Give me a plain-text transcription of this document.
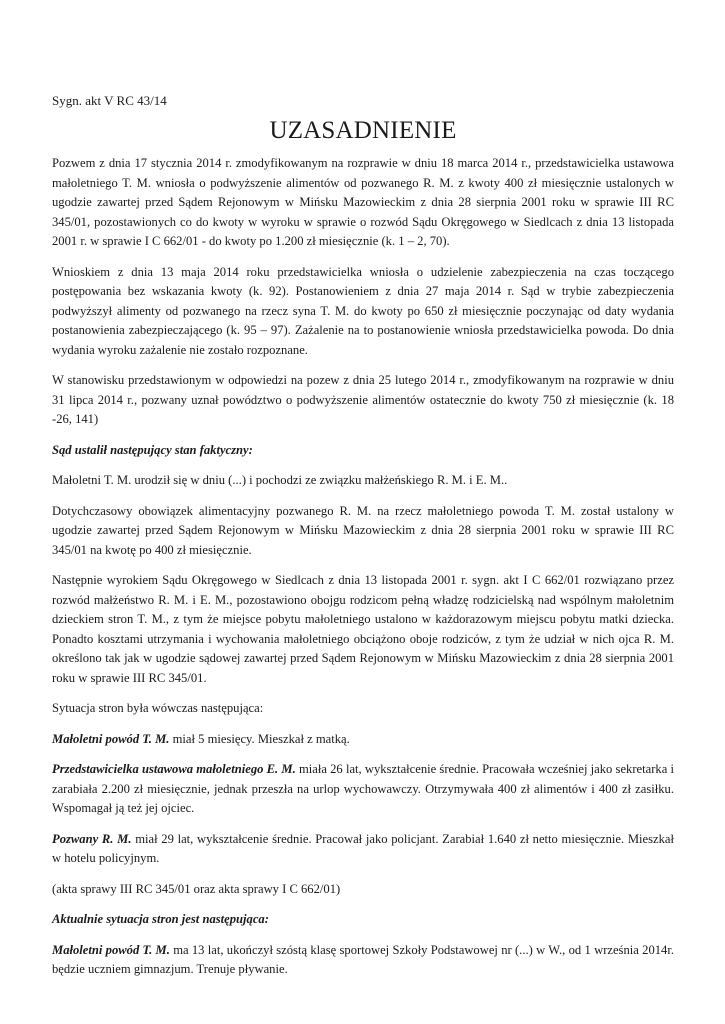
Sygn. akt V RC 43/14
UZASADNIENIE

Pozwem z dnia 17 stycznia 2014 r. zmodyfikowanym na rozprawie w dniu 18 marca 2014 r., przedstawicielka ustawowa małoletniego T. M. wniosła o podwyższenie alimentów od pozwanego R. M. z kwoty 400 zł miesięcznie ustalonych w ugodzie zawartej przed Sądem Rejonowym w Mińsku Mazowieckim z dnia 28 sierpnia 2001 roku w sprawie III RC 345/01, pozostawionych co do kwoty w wyroku w sprawie o rozwód Sądu Okręgowego w Siedlcach z dnia 13 listopada 2001 r. w sprawie I C 662/01 - do kwoty po 1.200 zł miesięcznie (k. 1 – 2, 70).

Wnioskiem z dnia 13 maja 2014 roku przedstawicielka wniosła o udzielenie zabezpieczenia na czas toczącego postępowania bez wskazania kwoty (k. 92). Postanowieniem z dnia 27 maja 2014 r. Sąd w trybie zabezpieczenia podwyższył alimenty od pozwanego na rzecz syna T. M. do kwoty po 650 zł miesięcznie poczynając od daty wydania postanowienia zabezpieczającego (k. 95 – 97). Zażalenie na to postanowienie wniosła przedstawicielka powoda. Do dnia wydania wyroku zażalenie nie zostało rozpoznane.

W stanowisku przedstawionym w odpowiedzi na pozew z dnia 25 lutego 2014 r., zmodyfikowanym na rozprawie w dniu 31 lipca 2014 r., pozwany uznał powództwo o podwyższenie alimentów ostatecznie do kwoty 750 zł miesięcznie (k. 18 -26, 141)

Sąd ustalił następujący stan faktyczny:

Małoletni T. M. urodził się w dniu (...) i pochodzi ze związku małżeńskiego R. M. i E. M..

Dotychczasowy obowiązek alimentacyjny pozwanego R. M. na rzecz małoletniego powoda T. M. został ustalony w ugodzie zawartej przed Sądem Rejonowym w Mińsku Mazowieckim z dnia 28 sierpnia 2001 roku w sprawie III RC 345/01 na kwotę po 400 zł miesięcznie.

Następnie wyrokiem Sądu Okręgowego w Siedlcach z dnia 13 listopada 2001 r. sygn. akt I C 662/01 rozwiązano przez rozwód małżeństwo R. M. i E. M., pozostawiono obojgu rodzicom pełną władzę rodzicielską nad wspólnym małoletnim dzieckiem stron T. M., z tym że miejsce pobytu małoletniego ustalono w każdorazowym miejscu pobytu matki dziecka. Ponadto kosztami utrzymania i wychowania małoletniego obciążono oboje rodziców, z tym że udział w nich ojca R. M. określono tak jak w ugodzie sądowej zawartej przed Sądem Rejonowym w Mińsku Mazowieckim z dnia 28 sierpnia 2001 roku w sprawie III RC 345/01.

Sytuacja stron była wówczas następująca:

Małoletni powód T. M. miał 5 miesięcy. Mieszkał z matką.

Przedstawicielka ustawowa małoletniego E. M. miała 26 lat, wykształcenie średnie. Pracowała wcześniej jako sekretarka i zarabiała 2.200 zł miesięcznie, jednak przeszła na urlop wychowawczy. Otrzymywała 400 zł alimentów i 400 zł zasiłku. Wspomagał ją też jej ojciec.

Pozwany R. M. miał 29 lat, wykształcenie średnie. Pracował jako policjant. Zarabiał 1.640 zł netto miesięcznie. Mieszkał w hotelu policyjnym.

(akta sprawy III RC 345/01 oraz akta sprawy I C 662/01)

Aktualnie sytuacja stron jest następująca:

Małoletni powód T. M. ma 13 lat, ukończył szóstą klasę sportowej Szkoły Podstawowej nr (...) w W., od 1 września 2014r. będzie uczniem gimnazjum. Trenuje pływanie.
